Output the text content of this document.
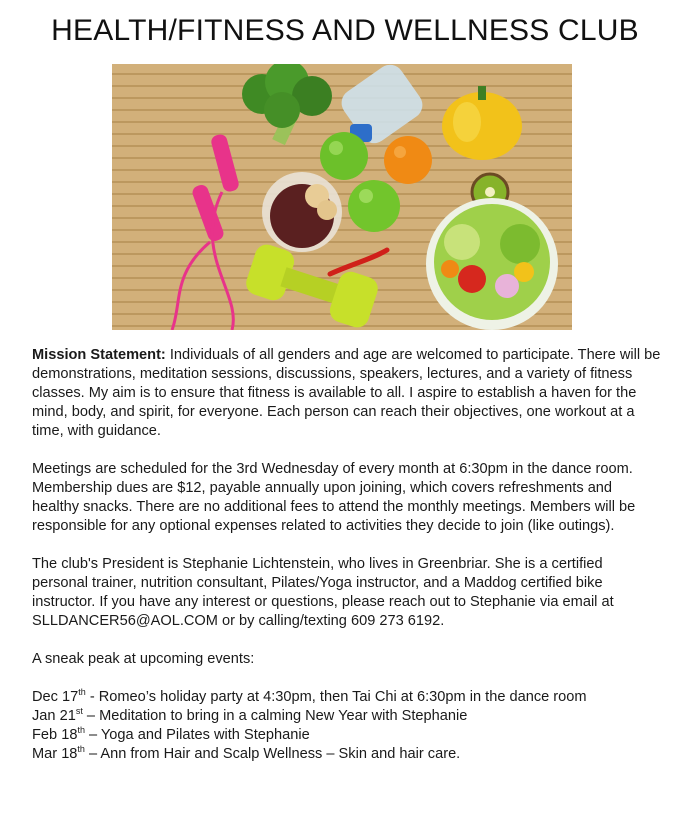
HEALTH/FITNESS AND WELLNESS CLUB

Mission Statement: Individuals of all genders and age are welcomed to participate. There will be demonstrations, meditation sessions, discussions, speakers, lectures, and a variety of fitness classes. My aim is to ensure that fitness is available to all. I aspire to establish a haven for the mind, body, and spirit, for everyone. Each person can reach their objectives, one workout at a time, with guidance.

Meetings are scheduled for the 3rd Wednesday of every month at 6:30pm in the dance room. Membership dues are $12, payable annually upon joining, which covers refreshments and healthy snacks. There are no additional fees to attend the monthly meetings. Members will be responsible for any optional expenses related to activities they decide to join (like outings).

The club's President is Stephanie Lichtenstein, who lives in Greenbriar. She is a certified personal trainer, nutrition consultant, Pilates/Yoga instructor, and a Maddog certified bike instructor. If you have any interest or questions, please reach out to Stephanie via email at SLLDANCER56@AOL.COM or by calling/texting 609 273 6192.

A sneak peak at upcoming events:

Dec 17th - Romeo’s holiday party at 4:30pm, then Tai Chi at 6:30pm in the dance room
Jan 21st – Meditation to bring in a calming New Year with Stephanie
Feb 18th – Yoga and Pilates with Stephanie
Mar 18th – Ann from Hair and Scalp Wellness – Skin and hair care.
